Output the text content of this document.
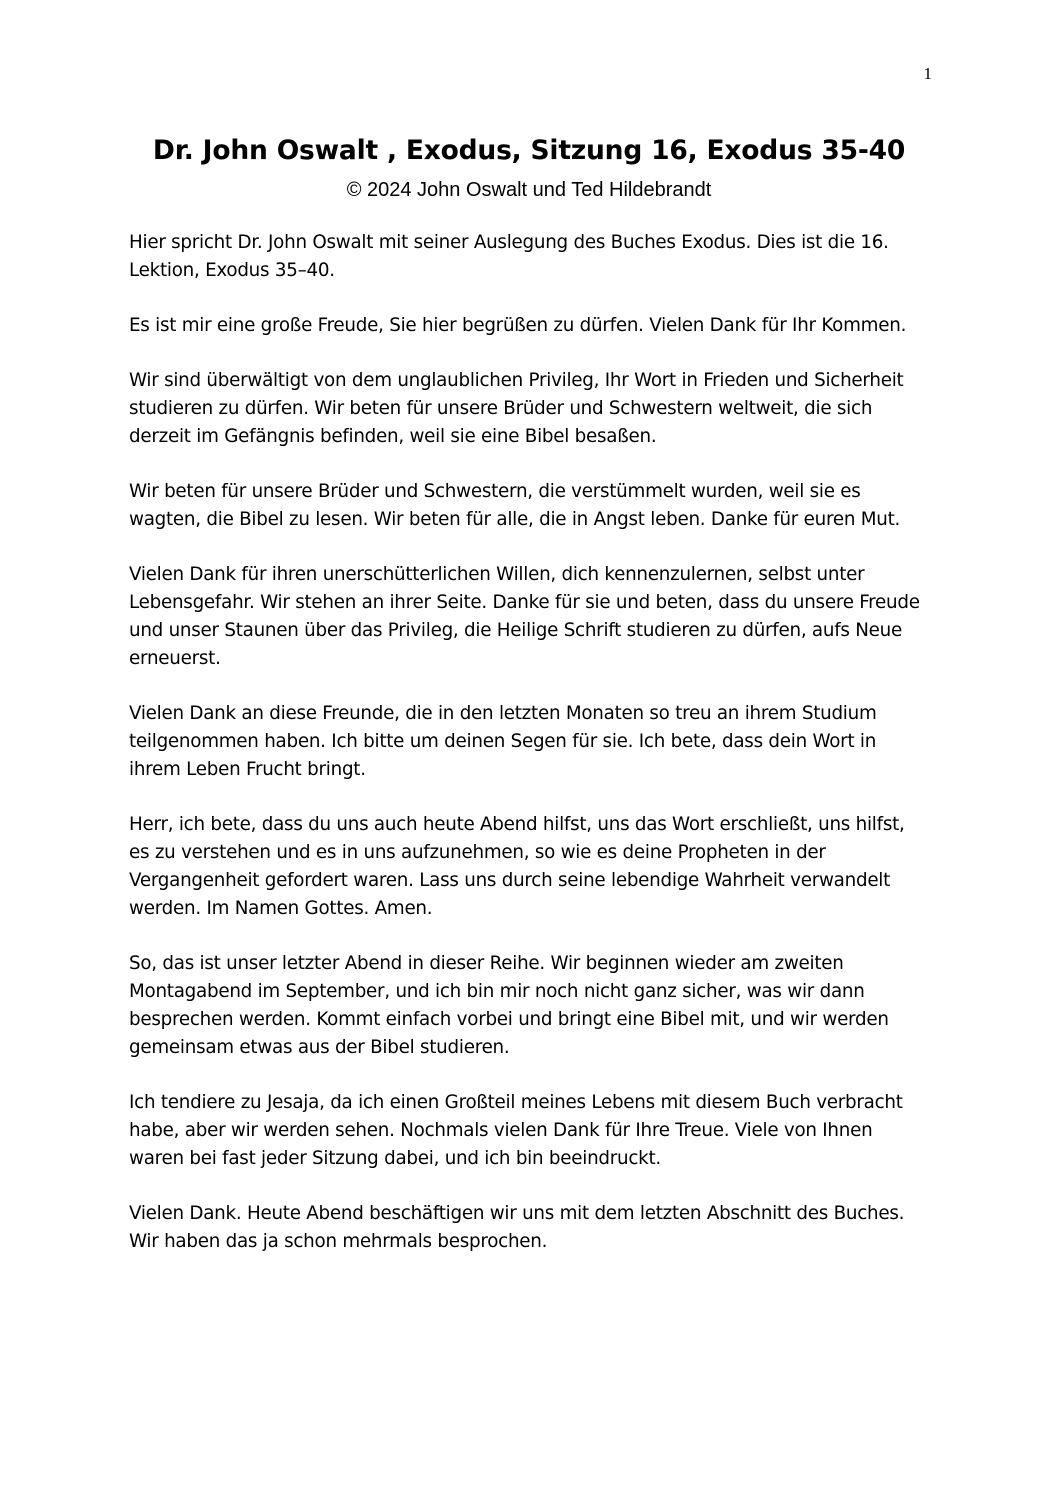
1
Dr. John Oswalt , Exodus, Sitzung 16, Exodus 35-40
© 2024 John Oswalt und Ted Hildebrandt

Hier spricht Dr. John Oswalt mit seiner Auslegung des Buches Exodus. Dies ist die 16. Lektion, Exodus 35–40.

Es ist mir eine große Freude, Sie hier begrüßen zu dürfen. Vielen Dank für Ihr Kommen.

Wir sind überwältigt von dem unglaublichen Privileg, Ihr Wort in Frieden und Sicherheit studieren zu dürfen. Wir beten für unsere Brüder und Schwestern weltweit, die sich derzeit im Gefängnis befinden, weil sie eine Bibel besaßen.

Wir beten für unsere Brüder und Schwestern, die verstümmelt wurden, weil sie es wagten, die Bibel zu lesen. Wir beten für alle, die in Angst leben. Danke für euren Mut.

Vielen Dank für ihren unerschütterlichen Willen, dich kennenzulernen, selbst unter Lebensgefahr. Wir stehen an ihrer Seite. Danke für sie und beten, dass du unsere Freude und unser Staunen über das Privileg, die Heilige Schrift studieren zu dürfen, aufs Neue erneuerst.

Vielen Dank an diese Freunde, die in den letzten Monaten so treu an ihrem Studium teilgenommen haben. Ich bitte um deinen Segen für sie. Ich bete, dass dein Wort in ihrem Leben Frucht bringt.

Herr, ich bete, dass du uns auch heute Abend hilfst, uns das Wort erschließt, uns hilfst, es zu verstehen und es in uns aufzunehmen, so wie es deine Propheten in der Vergangenheit gefordert waren. Lass uns durch seine lebendige Wahrheit verwandelt werden. Im Namen Gottes. Amen.

So, das ist unser letzter Abend in dieser Reihe. Wir beginnen wieder am zweiten Montagabend im September, und ich bin mir noch nicht ganz sicher, was wir dann besprechen werden. Kommt einfach vorbei und bringt eine Bibel mit, und wir werden gemeinsam etwas aus der Bibel studieren.

Ich tendiere zu Jesaja, da ich einen Großteil meines Lebens mit diesem Buch verbracht habe, aber wir werden sehen. Nochmals vielen Dank für Ihre Treue. Viele von Ihnen waren bei fast jeder Sitzung dabei, und ich bin beeindruckt.

Vielen Dank. Heute Abend beschäftigen wir uns mit dem letzten Abschnitt des Buches. Wir haben das ja schon mehrmals besprochen.
